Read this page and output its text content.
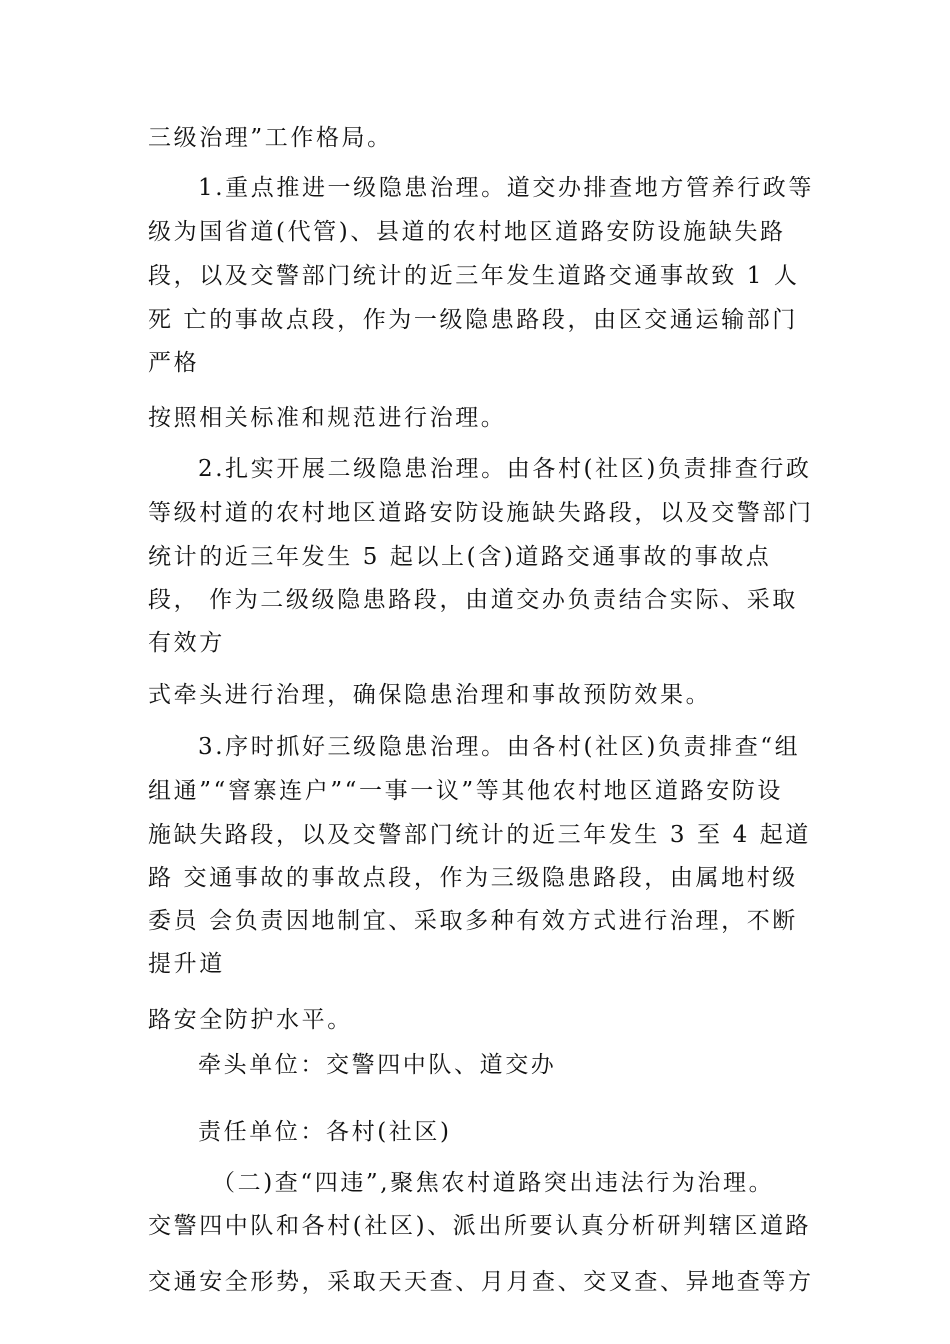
三级治理”工作格局。
1.重点推进一级隐患治理。道交办排查地方管养行政等
级为国省道(代管)、县道的农村地区道路安防设施缺失路
段，以及交警部门统计的近三年发生道路交通事故致 1 人
死 亡的事故点段，作为一级隐患路段，由区交通运输部门
严格
按照相关标准和规范进行治理。
2.扎实开展二级隐患治理。由各村(社区)负责排查行政
等级村道的农村地区道路安防设施缺失路段，以及交警部门
统计的近三年发生 5 起以上(含)道路交通事故的事故点
段， 作为二级级隐患路段，由道交办负责结合实际、采取
有效方
式牵头进行治理，确保隐患治理和事故预防效果。
3.序时抓好三级隐患治理。由各村(社区)负责排查“组
组通”“窨寨连户”“一事一议”等其他农村地区道路安防设
施缺失路段，以及交警部门统计的近三年发生 3 至 4 起道
路 交通事故的事故点段，作为三级隐患路段，由属地村级
委员 会负责因地制宜、采取多种有效方式进行治理，不断
提升道
路安全防护水平。
牵头单位：交警四中队、道交办
责任单位：各村(社区)
（二)查“四违”,聚焦农村道路突出违法行为治理。
交警四中队和各村(社区)、派出所要认真分析研判辖区道路
交通安全形势，采取天天查、月月查、交叉查、异地查等方
